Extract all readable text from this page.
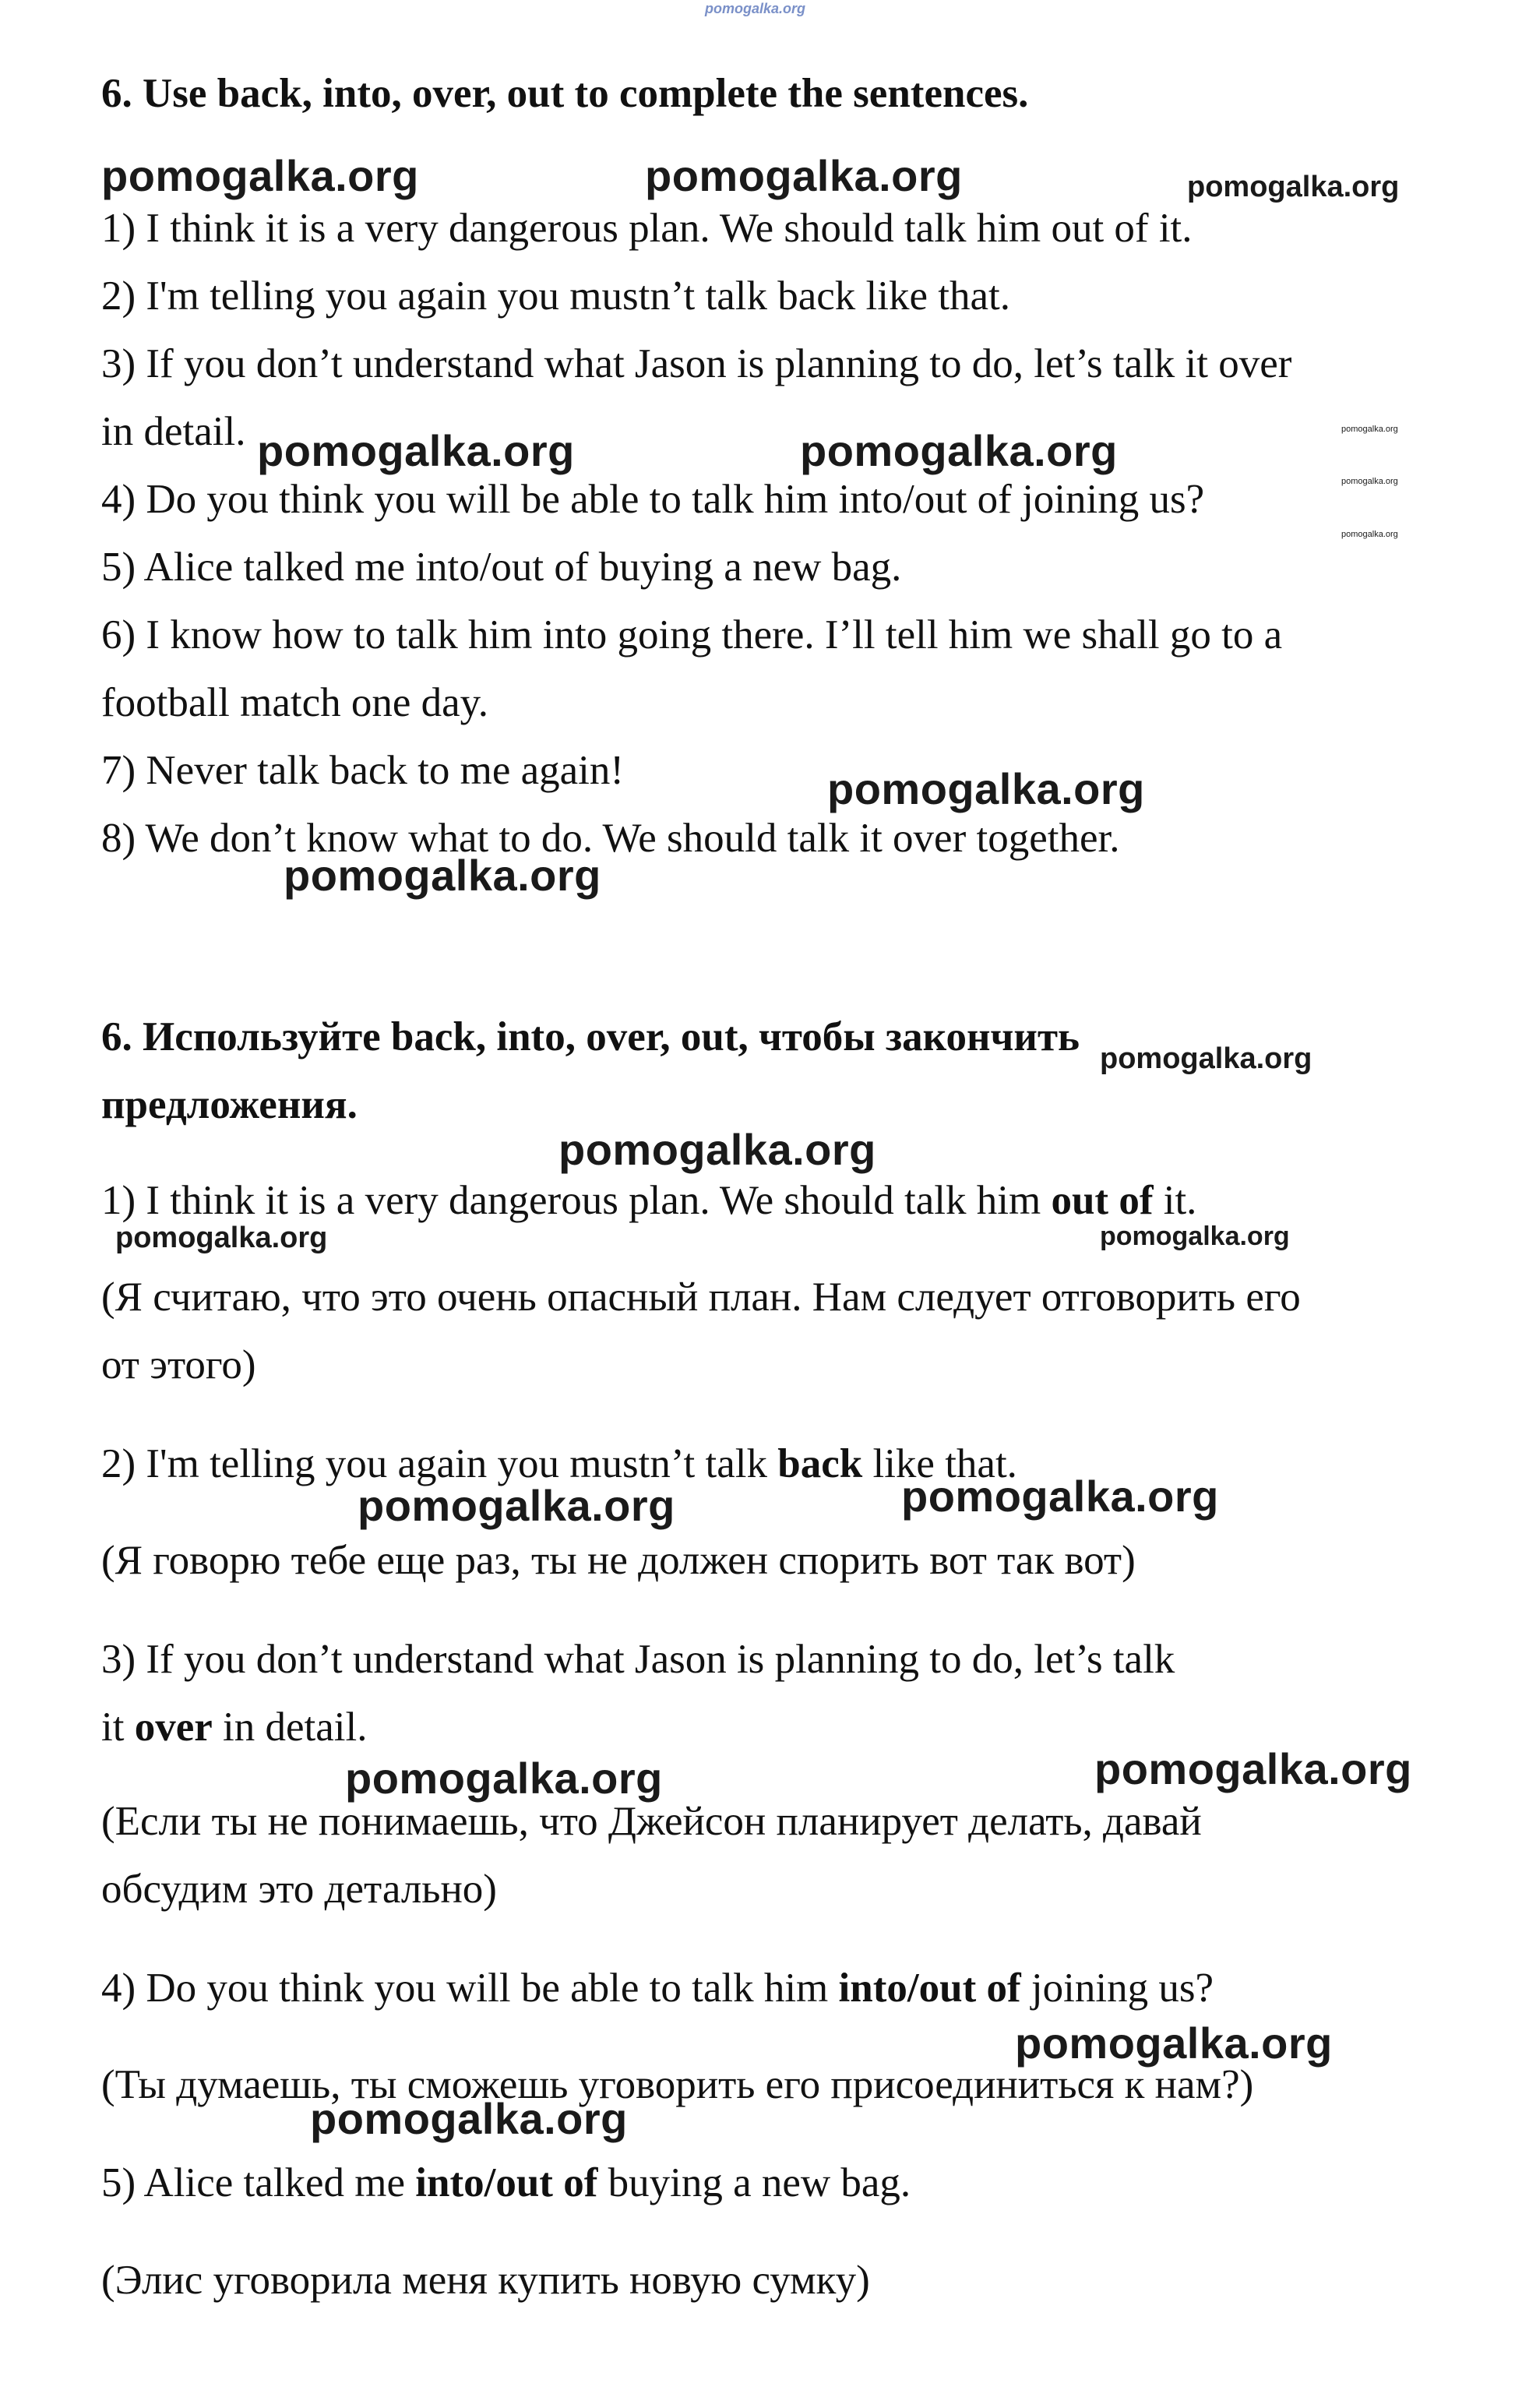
pomogalka.org

6. Use back, into, over, out to complete the sentences.

1) I think it is a very dangerous plan. We should talk him out of it.

2) I'm telling you again you mustn’t talk back like that.

3) If you don’t understand what Jason is planning to do, let’s talk it over

in detail.

4) Do you think you will be able to talk him into/out of joining us?

5) Alice talked me into/out of buying a new bag.

6) I know how to talk him into going there. I’ll tell him we shall go to a

football match one day.

7) Never talk back to me again!

8) We don’t know what to do. We should talk it over together.

6. Используйте back, into, over, out, чтобы закончить

предложения.

1) I think it is a very dangerous plan. We should talk him out of it.

(Я считаю, что это очень опасный план. Нам следует отговорить его

от этого)

2) I'm telling you again you mustn’t talk back like that.

(Я говорю тебе еще раз, ты не должен спорить вот так вот)

3) If you don’t understand what Jason is planning to do, let’s talk

it over in detail.

(Если ты не понимаешь, что Джейсон планирует делать, давай

обсудим это детально)

4) Do you think you will be able to talk him into/out of joining us?

(Ты думаешь, ты сможешь уговорить его присоединиться к нам?)

5) Alice talked me into/out of buying a new bag.

(Элис уговорила меня купить новую сумку)

pomogalka.org	pomogalka.org	pomogalka.org
pomogalka.org	pomogalka.org	pomogalka.org
pomogalka.org
pomogalka.org
pomogalka.org
pomogalka.org
pomogalka.org
pomogalka.org
pomogalka.org	pomogalka.org
pomogalka.org	pomogalka.org
pomogalka.org	pomogalka.org
pomogalka.org
pomogalka.org
